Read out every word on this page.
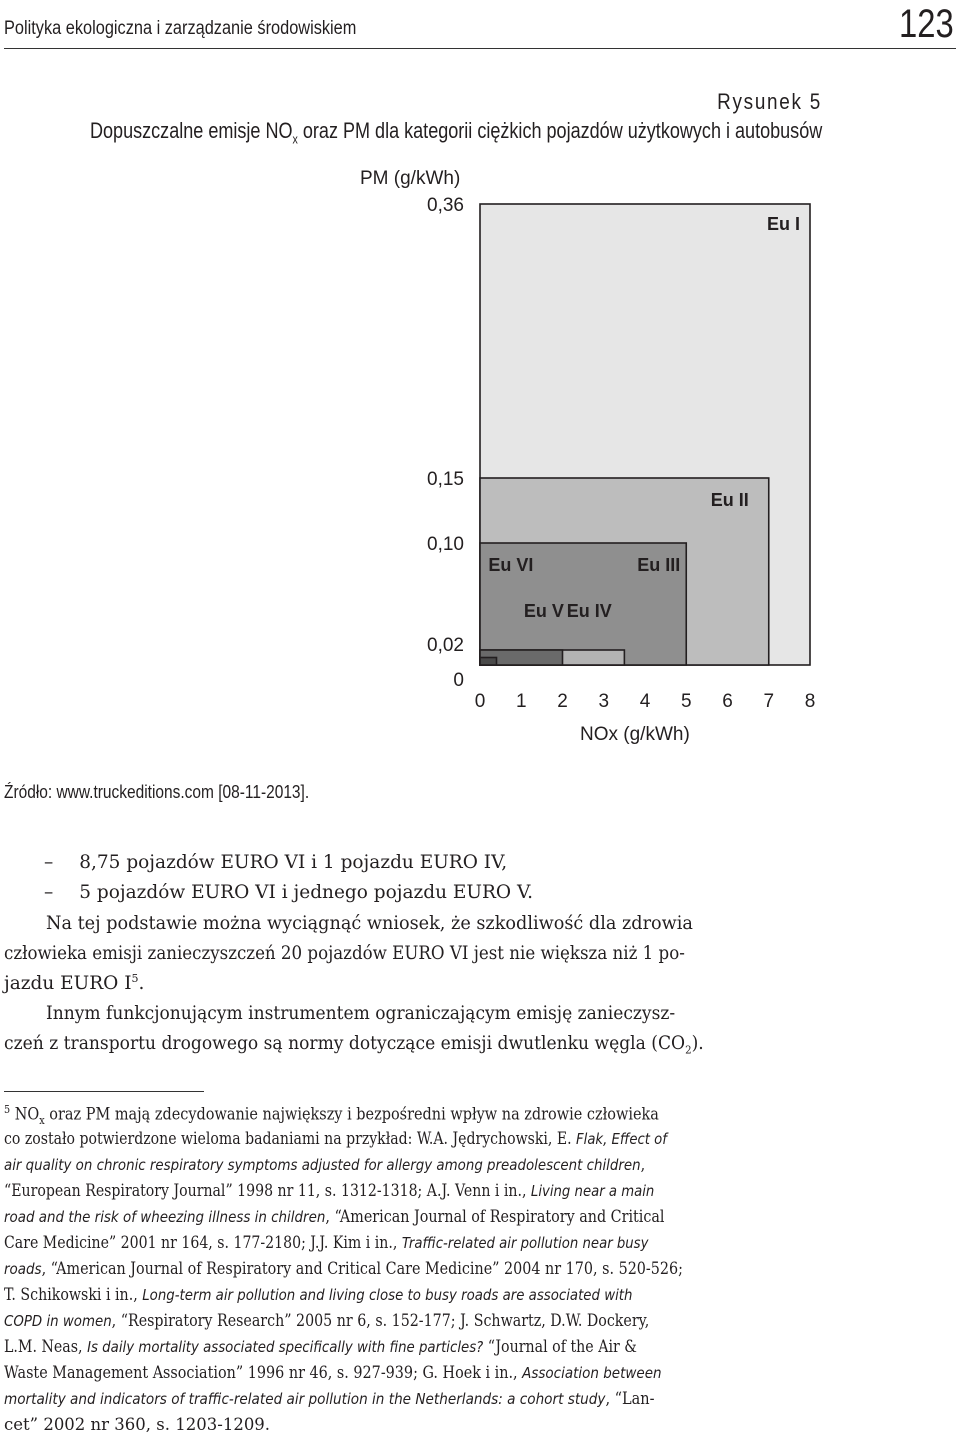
Polityka ekologiczna i zarządzanie środowiskiem	123
Rysunek 5
Dopuszczalne emisje $NO_x$ oraz PM dla kategorii ciężkich pojazdów użytkowych i autobusów
Eu I
Eu II
Eu III
Eu IV
Eu V
Eu VI
0,36
0,15
0,10
0,02
0
0 1 2 3 4 5 6 7 8
PM (g/kWh)
NOx (g/kWh)
Źródło: www.truckeditions.com [08-11-2013].
– 8,75 pojazdów EURO VI i 1 pojazdu EURO IV,
– 5 pojazdów EURO VI i jednego pojazdu EURO V.
Na tej podstawie można wyciągnąć wniosek, że szkodliwość dla zdrowia
człowieka emisji zanieczyszczeń 20 pojazdów EURO VI jest nie większa niż 1 po-
jazdu EURO $I^5$.
Innym funkcjonującym instrumentem ograniczającym emisję zanieczysz-
czeń z transportu drogowego są normy dotyczące emisji dwutlenku węgla $(CO_2)$.
$^5$ $NO_x$ oraz PM mają zdecydowanie największy i bezpośredni wpływ na zdrowie człowieka
co zostało potwierdzone wieloma badaniami na przykład: W.A. Jędrychowski, E. Flak, Effect of
air quality on chronic respiratory symptoms adjusted for allergy among preadolescent children,
“European Respiratory Journal” 1998 nr 11, s. 1312-1318; A.J. Venn i in., Living near a main
road and the risk of wheezing illness in children, “American Journal of Respiratory and Critical
Care Medicine” 2001 nr 164, s. 177-2180; J.J. Kim i in., Traffic-related air pollution near busy
roads, “American Journal of Respiratory and Critical Care Medicine” 2004 nr 170, s. 520-526;
T. Schikowski i in., Long-term air pollution and living close to busy roads are associated with
COPD in women, “Respiratory Research” 2005 nr 6, s. 152-177; J. Schwartz, D.W. Dockery,
L.M. Neas, Is daily mortality associated specifically with fine particles? “Journal of the Air &
Waste Management Association” 1996 nr 46, s. 927-939; G. Hoek i in., Association between
mortality and indicators of traffic-related air pollution in the Netherlands: a cohort study, “Lan-
cet” 2002 nr 360, s. 1203-1209.
